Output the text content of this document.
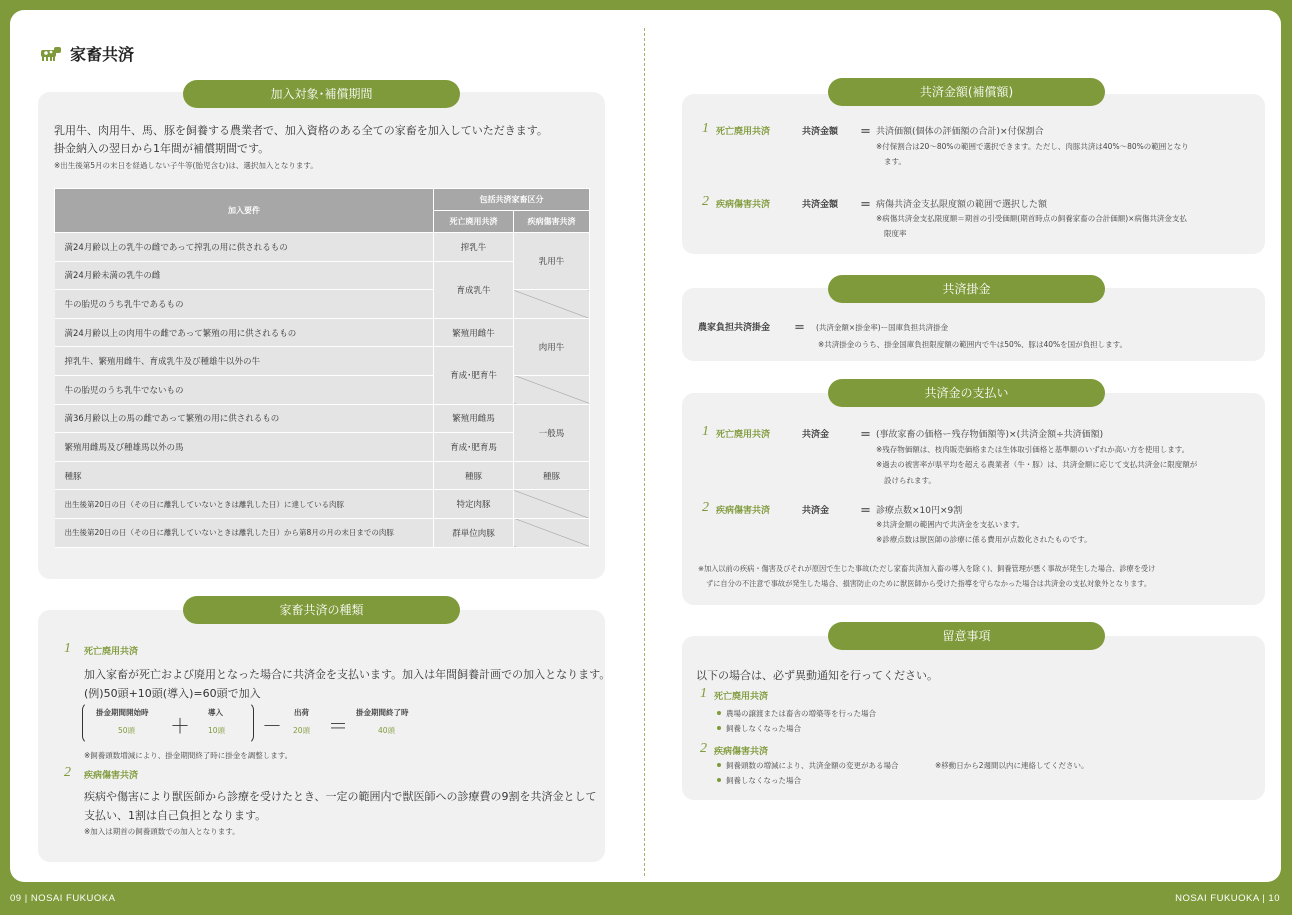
家畜共済
加入対象･補償期間
乳用牛、肉用牛、馬、豚を飼養する農業者で、加入資格のある全ての家畜を加入していただきます。
掛金納入の翌日から1年間が補償期間です。
※出生後第5月の末日を経過しない子牛等(胎児含む)は、選択加入となります。
加入要件	包括共済家畜区分	
	死亡廃用共済	疾病傷害共済
満24月齢以上の乳牛の雌であって搾乳の用に供されるもの	搾乳牛	乳用牛
満24月齢未満の乳牛の雌	育成乳牛	
牛の胎児のうち乳牛であるもの		
満24月齢以上の肉用牛の雌であって繁殖の用に供されるもの	繁殖用雌牛	肉用牛
搾乳牛、繁殖用雌牛、育成乳牛及び種雄牛以外の牛	育成･肥育牛	
牛の胎児のうち乳牛でないもの		
満36月齢以上の馬の雌であって繁殖の用に供されるもの	繁殖用雌馬	一般馬
繁殖用雌馬及び種雄馬以外の馬	育成･肥育馬	
種豚	種豚	種豚
出生後第20日の日（その日に離乳していないときは離乳した日）に達している肉豚	特定肉豚	
出生後第20日の日（その日に離乳していないときは離乳した日）から第8月の月の末日までの肉豚	群単位肉豚	
家畜共済の種類
1 死亡廃用共済
加入家畜が死亡および廃用となった場合に共済金を支払います。加入は年間飼養計画での加入となります。
(例)50頭+10頭(導入)=60頭で加入
掛金期間開始時
50頭 ＋
導入
10頭 －
出荷
20頭 ＝
掛金期間終了時
40頭
※飼養頭数増減により、掛金期間終了時に掛金を調整します。
2 疾病傷害共済
疾病や傷害により獣医師から診療を受けたとき、一定の範囲内で獣医師への診療費の9割を共済金として
支払い、1割は自己負担となります。
※加入は期首の飼養頭数での加入となります。
共済金額(補償額)
1 死亡廃用共済	共済金額 ＝ 共済価額(個体の評価額の合計)×付保割合
※付保割合は20～80%の範囲で選択できます。ただし、肉豚共済は40%～80%の範囲となり
ます。
2 疾病傷害共済	共済金額 ＝ 病傷共済金支払限度額の範囲で選択した額
※病傷共済金支払限度額＝期首の引受価額(期首時点の飼養家畜の合計価額)×病傷共済金支払
限度率
共済掛金
農家負担共済掛金 ＝ (共済金額×掛金率)ー国庫負担共済掛金
※共済掛金のうち、掛金国庫負担限度額の範囲内で牛は50%、豚は40%を国が負担します。
共済金の支払い
1 死亡廃用共済	共済金	＝ (事故家畜の価格ー残存物価額等)×(共済金額÷共済価額)
※残存物価額は、枝肉販売価格または生体取引価格と基準額のいずれか高い方を使用します。
※過去の被害率が県平均を超える農業者（牛・豚）は、共済金額に応じて支払共済金に限度額が
設けられます。
2 疾病傷害共済	共済金	＝ 診療点数×10円×9割
※共済金額の範囲内で共済金を支払います。
※診療点数は獣医師の診療に係る費用が点数化されたものです。
※加入以前の疾病・傷害及びそれが原因で生じた事故(ただし家畜共済加入畜の導入を除く)、飼養管理が悪く事故が発生した場合、診療を受け
ずに自分の不注意で事故が発生した場合、損害防止のために獣医師から受けた指導を守らなかった場合は共済金の支払対象外となります。
留意事項
以下の場合は、必ず異動通知を行ってください。
1 死亡廃用共済
農場の譲渡または畜舎の増築等を行った場合
飼養しなくなった場合
2 疾病傷害共済
飼養頭数の増減により、共済金額の変更がある場合	※移動日から2週間以内に連絡してください。
飼養しなくなった場合
09 | NOSAI FUKUOKA	NOSAI FUKUOKA | 10
